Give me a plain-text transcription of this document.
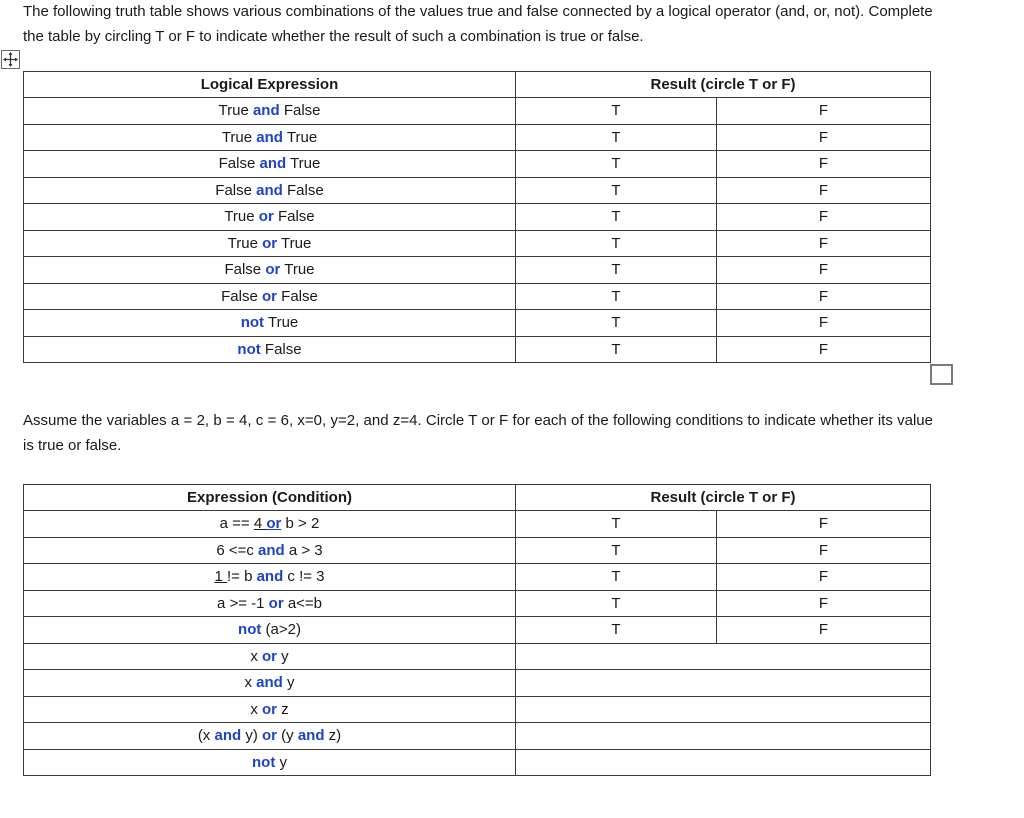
The following truth table shows various combinations of the values true and false connected by a logical operator (and, or, not). Complete the table by circling T or F to indicate whether the result of such a combination is true or false.

Logical Expression	Result (circle T or F)	
True and False	T	F
True and True	T	F
False and True	T	F
False and False	T	F
True or False	T	F
True or True	T	F
False or True	T	F
False or False	T	F
not True	T	F
not False	T	F

Assume the variables a = 2, b = 4, c = 6, x=0, y=2, and z=4. Circle T or F for each of the following conditions to indicate whether its value is true or false.

Expression (Condition)	Result (circle T or F)	
a == 4 or b > 2	T	F
6 <=c and a > 3	T	F
1 != b and c != 3	T	F
a >= -1 or a<=b	T	F
not (a>2)	T	F
x or y		
x and y		
x or z		
(x and y) or (y and z)		
not y		
